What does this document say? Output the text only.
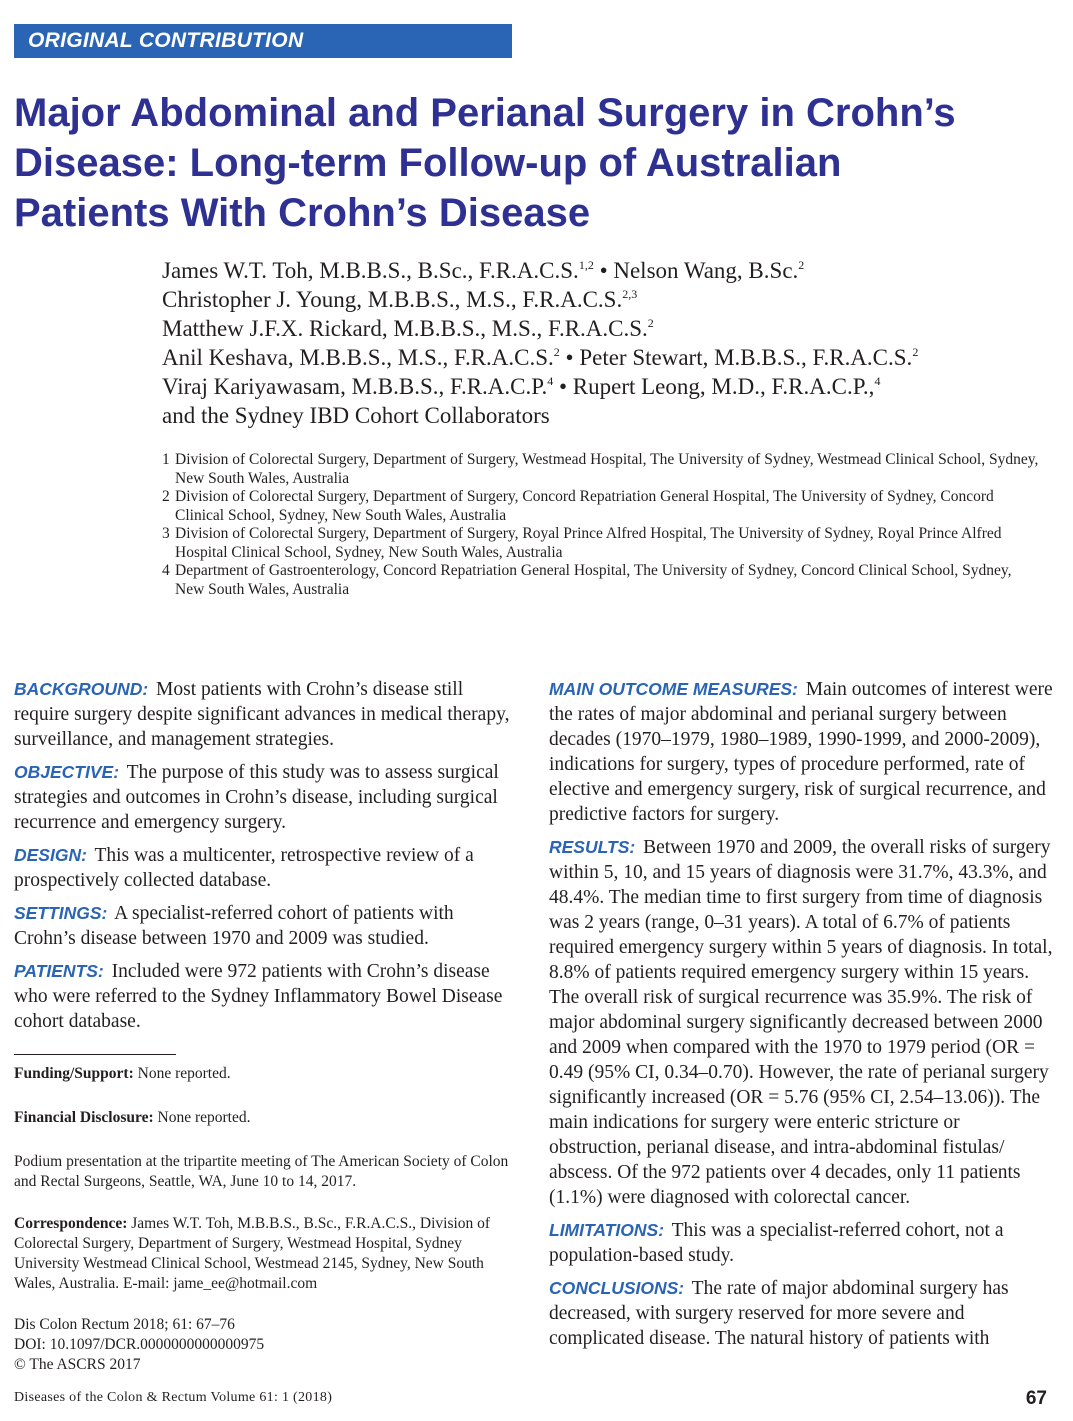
ORIGINAL CONTRIBUTION
Major Abdominal and Perianal Surgery in Crohn’s
Disease: Long-term Follow-up of Australian
Patients With Crohn’s Disease
James W.T. Toh, M.B.B.S., B.Sc., F.R.A.C.S.$^{1,2}$ • Nelson Wang, B.Sc.$^2$
Christopher J. Young, M.B.B.S., M.S., F.R.A.C.S.$^{2,3}$
Matthew J.F.X. Rickard, M.B.B.S., M.S., F.R.A.C.S.$^2$
Anil Keshava, M.B.B.S., M.S., F.R.A.C.S.$^2$ • Peter Stewart, M.B.B.S., F.R.A.C.S.$^2$
Viraj Kariyawasam, M.B.B.S., F.R.A.C.P.$^4$ • Rupert Leong, M.D., F.R.A.C.P.,$^4$
and the Sydney IBD Cohort Collaborators
1 Division of Colorectal Surgery, Department of Surgery, Westmead Hospital, The University of Sydney, Westmead Clinical School, Sydney, New South Wales, Australia
2 Division of Colorectal Surgery, Department of Surgery, Concord Repatriation General Hospital, The University of Sydney, Concord Clinical School, Sydney, New South Wales, Australia
3 Division of Colorectal Surgery, Department of Surgery, Royal Prince Alfred Hospital, The University of Sydney, Royal Prince Alfred Hospital Clinical School, Sydney, New South Wales, Australia
4 Department of Gastroenterology, Concord Repatriation General Hospital, The University of Sydney, Concord Clinical School, Sydney, New South Wales, Australia

BACKGROUND: Most patients with Crohn’s disease still require surgery despite significant advances in medical therapy, surveillance, and management strategies.

OBJECTIVE: The purpose of this study was to assess surgical strategies and outcomes in Crohn’s disease, including surgical recurrence and emergency surgery.

DESIGN: This was a multicenter, retrospective review of a prospectively collected database.

SETTINGS: A specialist-referred cohort of patients with Crohn’s disease between 1970 and 2009 was studied.

PATIENTS: Included were 972 patients with Crohn’s disease who were referred to the Sydney Inflammatory Bowel Disease cohort database.

MAIN OUTCOME MEASURES: Main outcomes of interest were the rates of major abdominal and perianal surgery between decades (1970–1979, 1980–1989, 1990-1999, and 2000-2009), indications for surgery, types of procedure performed, rate of elective and emergency surgery, risk of surgical recurrence, and predictive factors for surgery.

RESULTS: Between 1970 and 2009, the overall risks of surgery within 5, 10, and 15 years of diagnosis were 31.7%, 43.3%, and 48.4%. The median time to first surgery from time of diagnosis was 2 years (range, 0–31 years). A total of 6.7% of patients required emergency surgery within 5 years of diagnosis. In total, 8.8% of patients required emergency surgery within 15 years. The overall risk of surgical recurrence was 35.9%. The risk of major abdominal surgery significantly decreased between 2000 and 2009 when compared with the 1970 to 1979 period (OR = 0.49 (95% CI, 0.34–0.70). However, the rate of perianal surgery significantly increased (OR = 5.76 (95% CI, 2.54–13.06)). The main indications for surgery were enteric stricture or obstruction, perianal disease, and intra-abdominal fistulas/ abscess. Of the 972 patients over 4 decades, only 11 patients (1.1%) were diagnosed with colorectal cancer.

LIMITATIONS: This was a specialist-referred cohort, not a population-based study.

CONCLUSIONS: The rate of major abdominal surgery has decreased, with surgery reserved for more severe and complicated disease. The natural history of patients with

Funding/Support: None reported.
Financial Disclosure: None reported.
Podium presentation at the tripartite meeting of The American Society of Colon and Rectal Surgeons, Seattle, WA, June 10 to 14, 2017.
Correspondence: James W.T. Toh, M.B.B.S., B.Sc., F.R.A.C.S., Division of Colorectal Surgery, Department of Surgery, Westmead Hospital, Sydney University Westmead Clinical School, Westmead 2145, Sydney, New South Wales, Australia. E-mail: jame_ee@hotmail.com
Dis Colon Rectum 2018; 61: 67–76
DOI: 10.1097/DCR.0000000000000975
© The ASCRS 2017
Diseases of the Colon & Rectum Volume 61: 1 (2018)	67
